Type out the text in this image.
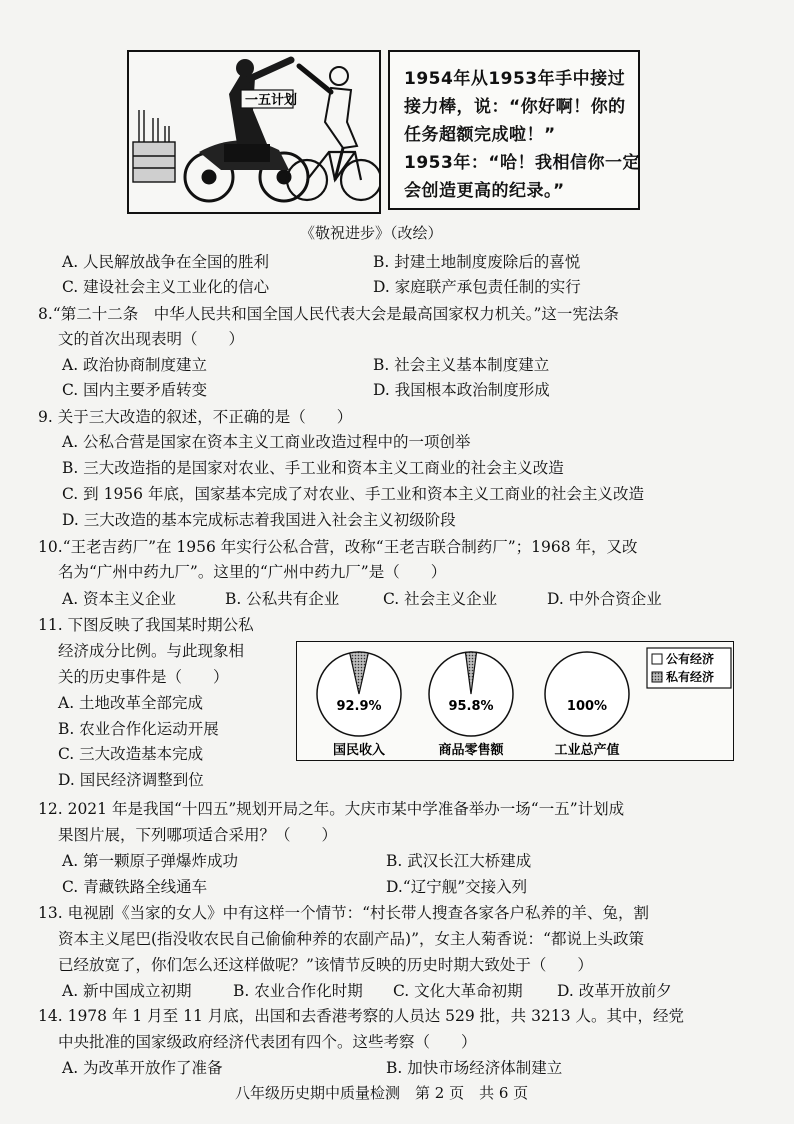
一五计划
1954年从1953年手中接过
接力棒，说：“你好啊！你的
任务超额完成啦！”
1953年：“哈！我相信你一定
会创造更高的纪录。”
《敬祝进步》（改绘）
A. 人民解放战争在全国的胜利	B. 封建土地制度废除后的喜悦
C. 建设社会主义工业化的信心	D. 家庭联产承包责任制的实行
8.“第二十二条　中华人民共和国全国人民代表大会是最高国家权力机关。”这一宪法条
文的首次出现表明（　　）
A. 政治协商制度建立	B. 社会主义基本制度建立
C. 国内主要矛盾转变	D. 我国根本政治制度形成
9. 关于三大改造的叙述，不正确的是（　　）
A. 公私合营是国家在资本主义工商业改造过程中的一项创举
B. 三大改造指的是国家对农业、手工业和资本主义工商业的社会主义改造
C. 到 1956 年底，国家基本完成了对农业、手工业和资本主义工商业的社会主义改造
D. 三大改造的基本完成标志着我国进入社会主义初级阶段
10.“王老吉药厂”在 1956 年实行公私合营，改称“王老吉联合制药厂”；1968 年，又改
名为“广州中药九厂”。这里的“广州中药九厂”是（　　）
A. 资本主义企业	B. 公私共有企业	C. 社会主义企业	D. 中外合资企业
11. 下图反映了我国某时期公私
经济成分比例。与此现象相
关的历史事件是（　　）
A. 土地改革全部完成
B. 农业合作化运动开展
C. 三大改造基本完成
D. 国民经济调整到位
92.9%
国民收入
95.8%
商品零售额
100%
工业总产值
公有经济
私有经济
12. 2021 年是我国“十四五”规划开局之年。大庆市某中学准备举办一场“一五”计划成
果图片展，下列哪项适合采用？（　　）
A. 第一颗原子弹爆炸成功	B. 武汉长江大桥建成
C. 青藏铁路全线通车	D.“辽宁舰”交接入列
13. 电视剧《当家的女人》中有这样一个情节：“村长带人搜查各家各户私养的羊、兔，割
资本主义尾巴(指没收农民自己偷偷种养的农副产品)”，女主人菊香说：“都说上头政策
已经放宽了，你们怎么还这样做呢？”该情节反映的历史时期大致处于（　　）
A. 新中国成立初期	B. 农业合作化时期 C. 文化大革命初期 D. 改革开放前夕
14. 1978 年 1 月至 11 月底，出国和去香港考察的人员达 529 批，共 3213 人。其中，经党
中央批准的国家级政府经济代表团有四个。这些考察（　　）
八年级历史期中质量检测　第 2 页　共 6 页
A. 为改革开放作了准备	B. 加快市场经济体制建立
